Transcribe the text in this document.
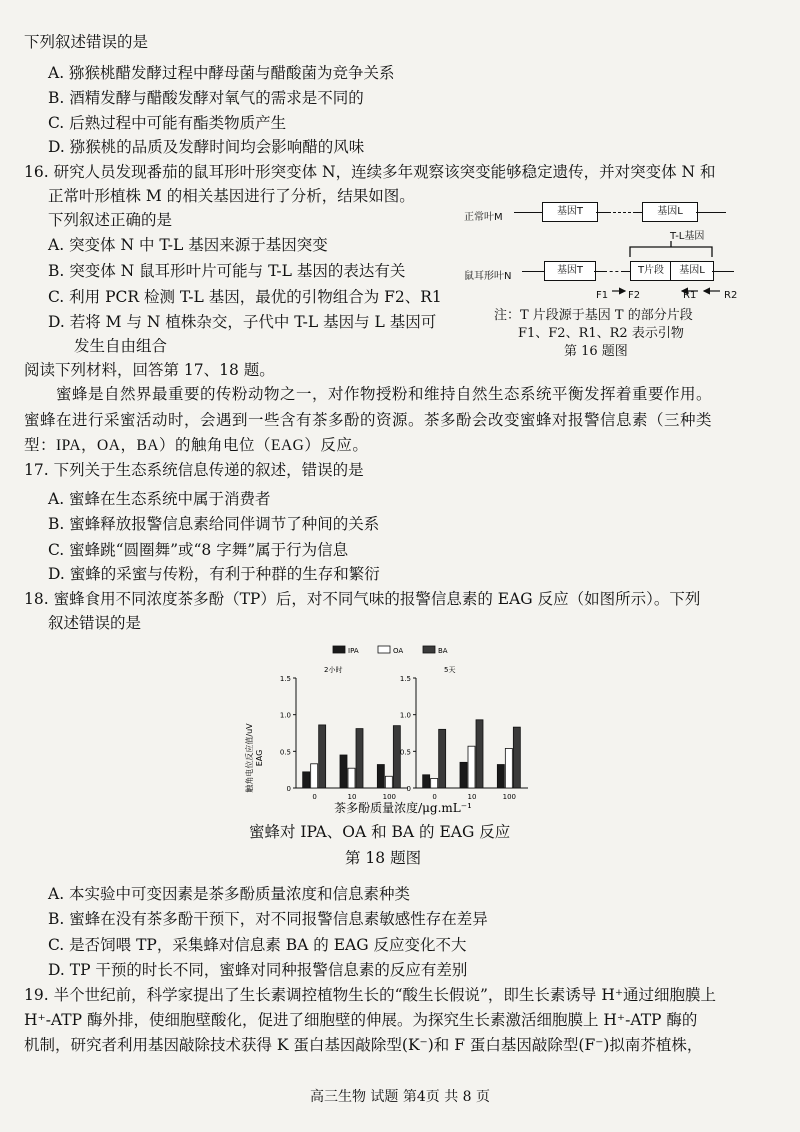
下列叙述错误的是
A. 猕猴桃醋发酵过程中酵母菌与醋酸菌为竞争关系
B. 酒精发酵与醋酸发酵对氧气的需求是不同的
C. 后熟过程中可能有酯类物质产生
D. 猕猴桃的品质及发酵时间均会影响醋的风味
16. 研究人员发现番茄的鼠耳形叶形突变体 N，连续多年观察该突变能够稳定遗传，并对突变体 N 和
正常叶形植株 M 的相关基因进行了分析，结果如图。
下列叙述正确的是
A. 突变体 N 中 T-L 基因来源于基因突变
B. 突变体 N 鼠耳形叶片可能与 T-L 基因的表达有关
C. 利用 PCR 检测 T-L 基因，最优的引物组合为 F2、R1
D. 若将 M 与 N 植株杂交，子代中 T-L 基因与 L 基因可
发生自由组合
正常叶M
基因T	基因L
T-L基因
鼠耳形叶N
基因T	T片段	基因L
F1 F2	R1	R2
注：T 片段源于基因 T 的部分片段
F1、F2、R1、R2 表示引物
第 16 题图
阅读下列材料，回答第 17、18 题。
蜜蜂是自然界最重要的传粉动物之一，对作物授粉和维持自然生态系统平衡发挥着重要作用。
蜜蜂在进行采蜜活动时，会遇到一些含有茶多酚的资源。茶多酚会改变蜜蜂对报警信息素（三种类
型：IPA，OA，BA）的触角电位（EAG）反应。
17. 下列关于生态系统信息传递的叙述，错误的是
A. 蜜蜂在生态系统中属于消费者
B. 蜜蜂释放报警信息素给同伴调节了种间的关系
C. 蜜蜂跳“圆圈舞”或“8 字舞”属于行为信息
D. 蜜蜂的采蜜与传粉，有利于种群的生存和繁衍
18. 蜜蜂食用不同浓度茶多酚（TP）后，对不同气味的报警信息素的 EAG 反应（如图所示）。下列
叙述错误的是
IPA	OA	BA
0
0.5
1.0
1.5
2小时
0	10	100
0
0.5
1.0
1.5
5天
0	10	100
触角电位反应值/uV EAG
茶多酚质量浓度/μg.mL⁻¹
蜜蜂对 IPA、OA 和 BA 的 EAG 反应
第 18 题图
A. 本实验中可变因素是茶多酚质量浓度和信息素种类
B. 蜜蜂在没有茶多酚干预下，对不同报警信息素敏感性存在差异
C. 是否饲喂 TP，采集蜂对信息素 BA 的 EAG 反应变化不大
D. TP 干预的时长不同，蜜蜂对同种报警信息素的反应有差别
19. 半个世纪前，科学家提出了生长素调控植物生长的“酸生长假说”，即生长素诱导 H⁺通过细胞膜上
H⁺-ATP 酶外排，使细胞壁酸化，促进了细胞壁的伸展。为探究生长素激活细胞膜上 H⁺-ATP 酶的
机制，研究者利用基因敲除技术获得 K 蛋白基因敲除型(K⁻)和 F 蛋白基因敲除型(F⁻)拟南芥植株，
高三生物 试题 第4页 共 8 页
